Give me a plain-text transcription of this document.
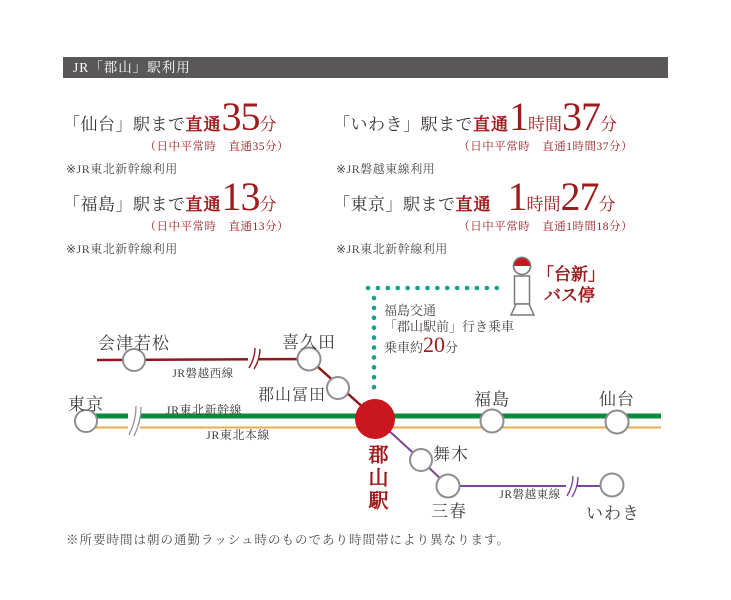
JR「郡山」駅利用
「仙台」駅まで直通35分
（日中平常時　直通35分）
※JR東北新幹線利用
「いわき」駅まで直通1時間37分
（日中平常時　直通1時間37分）
※JR磐越東線利用
「福島」駅まで直通13分
（日中平常時　直通13分）
※JR東北新幹線利用
「東京」駅まで直通 1時間27分
（日中平常時　直通1時間18分）
※JR東北新幹線利用
会津若松	喜久田
郡山冨田
東京	福島	仙台
舞木
三春	いわき
郡山駅
JR磐越西線
JR東北新幹線
JR東北本線
JR磐越東線
「台新」
バス停
福島交通
「郡山駅前」行き乗車
乗車約20分
※所要時間は朝の通勤ラッシュ時のものであり時間帯により異なります。
